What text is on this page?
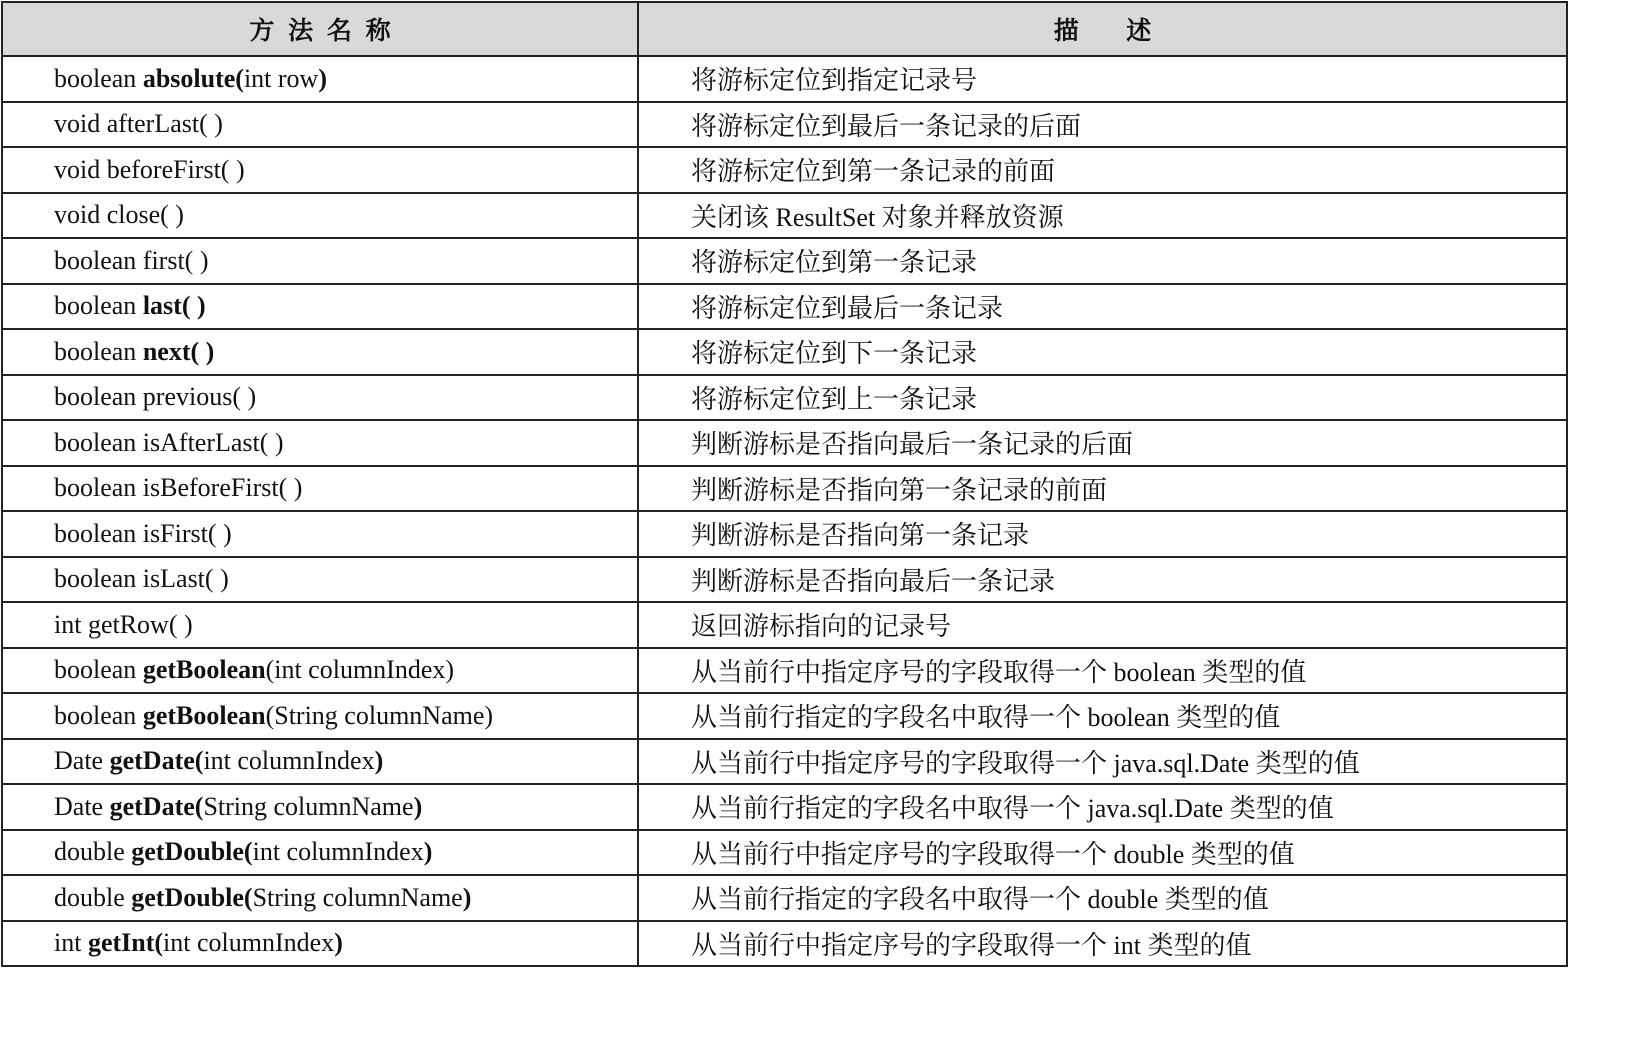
方法名称	描述
boolean absolute(int row)	将游标定位到指定记录号
void afterLast( )	将游标定位到最后一条记录的后面
void beforeFirst( )	将游标定位到第一条记录的前面
void close( )	关闭该 ResultSet 对象并释放资源
boolean first( )	将游标定位到第一条记录
boolean last( )	将游标定位到最后一条记录
boolean next( )	将游标定位到下一条记录
boolean previous( )	将游标定位到上一条记录
boolean isAfterLast( )	判断游标是否指向最后一条记录的后面
boolean isBeforeFirst( )	判断游标是否指向第一条记录的前面
boolean isFirst( )	判断游标是否指向第一条记录
boolean isLast( )	判断游标是否指向最后一条记录
int getRow( )	返回游标指向的记录号
boolean getBoolean(int columnIndex)	从当前行中指定序号的字段取得一个 boolean 类型的值
boolean getBoolean(String columnName)	从当前行指定的字段名中取得一个 boolean 类型的值
Date getDate(int columnIndex)	从当前行中指定序号的字段取得一个 java.sql.Date 类型的值
Date getDate(String columnName)	从当前行指定的字段名中取得一个 java.sql.Date 类型的值
double getDouble(int columnIndex)	从当前行中指定序号的字段取得一个 double 类型的值
double getDouble(String columnName)	从当前行指定的字段名中取得一个 double 类型的值
int getInt(int columnIndex)	从当前行中指定序号的字段取得一个 int 类型的值
